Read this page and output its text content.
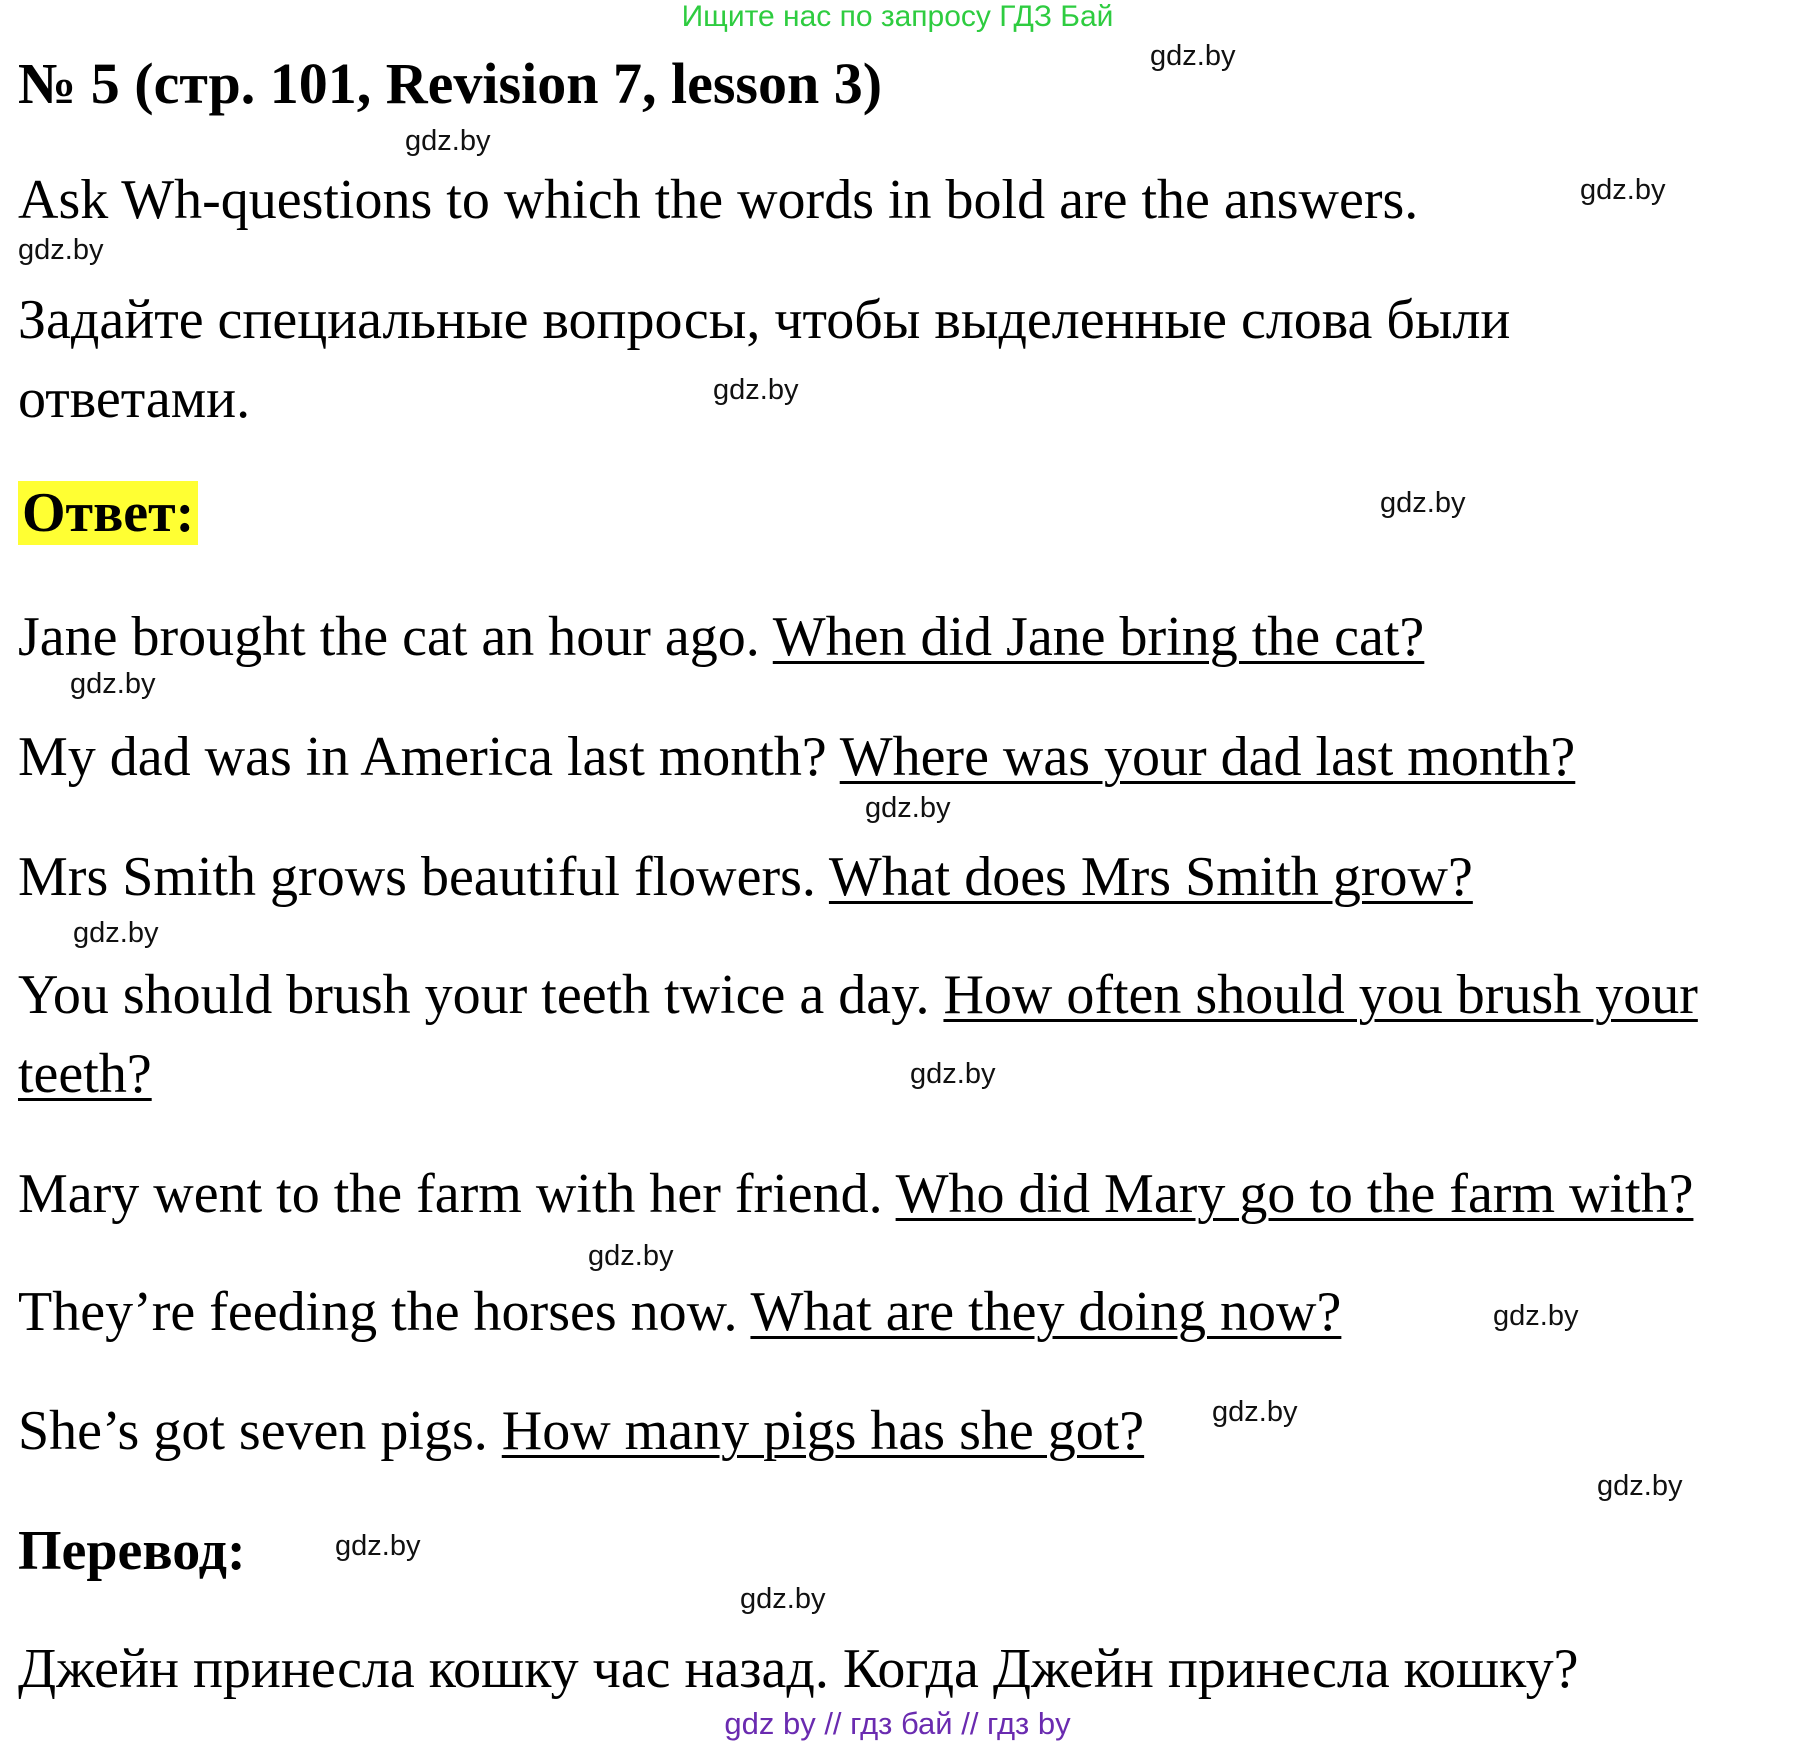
Ищите нас по запросу ГДЗ Бай
№ 5 (стр. 101, Revision 7, lesson 3)
Ask Wh-questions to which the words in bold are the answers.
Задайте специальные вопросы, чтобы выделенные слова были
ответами.
Ответ:
Jane brought the cat an hour ago. When did Jane bring the cat?
My dad was in America last month? Where was your dad last month?
Mrs Smith grows beautiful flowers. What does Mrs Smith grow?
You should brush your teeth twice a day. How often should you brush your
teeth?
Mary went to the farm with her friend. Who did Mary go to the farm with?
They’re feeding the horses now. What are they doing now?
She’s got seven pigs. How many pigs has she got?
Перевод:
Джейн принесла кошку час назад. Когда Джейн принесла кошку?
gdz.by
gdz.by
gdz.by
gdz.by
gdz.by
gdz.by
gdz.by
gdz.by
gdz.by
gdz.by
gdz.by
gdz.by
gdz.by
gdz.by
gdz.by
gdz.by
gdz by // гдз бай // гдз by
